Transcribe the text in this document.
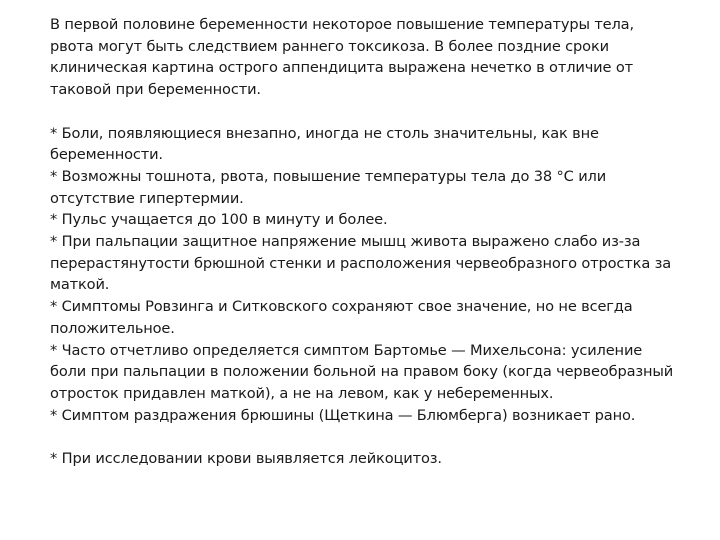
В первой половине беременности некоторое повышение температуры тела,
рвота могут быть следствием раннего токсикоза. В более поздние сроки
клиническая картина острого аппендицита выражена нечетко в отличие от
таковой при беременности.
* Боли, появляющиеся внезапно, иногда не столь значительны, как вне
беременности.
* Возможны тошнота, рвота, повышение температуры тела до 38 °С или
отсутствие гипертермии.
* Пульс учащается до 100 в минуту и более.
* При пальпации защитное напряжение мышц живота выражено слабо из-за
перерастянутости брюшной стенки и расположения червеобразного отростка за
маткой.
* Симптомы Ровзинга и Ситковского сохраняют свое значение, но не всегда
положительное.
* Часто отчетливо определяется симптом Бартомье — Михельсона: усиление
боли при пальпации в положении больной на правом боку (когда червеобразный
отросток придавлен маткой), а не на левом, как у небеременных.
* Симптом раздражения брюшины (Щеткина — Блюмберга) возникает рано.
* При исследовании крови выявляется лейкоцитоз.
